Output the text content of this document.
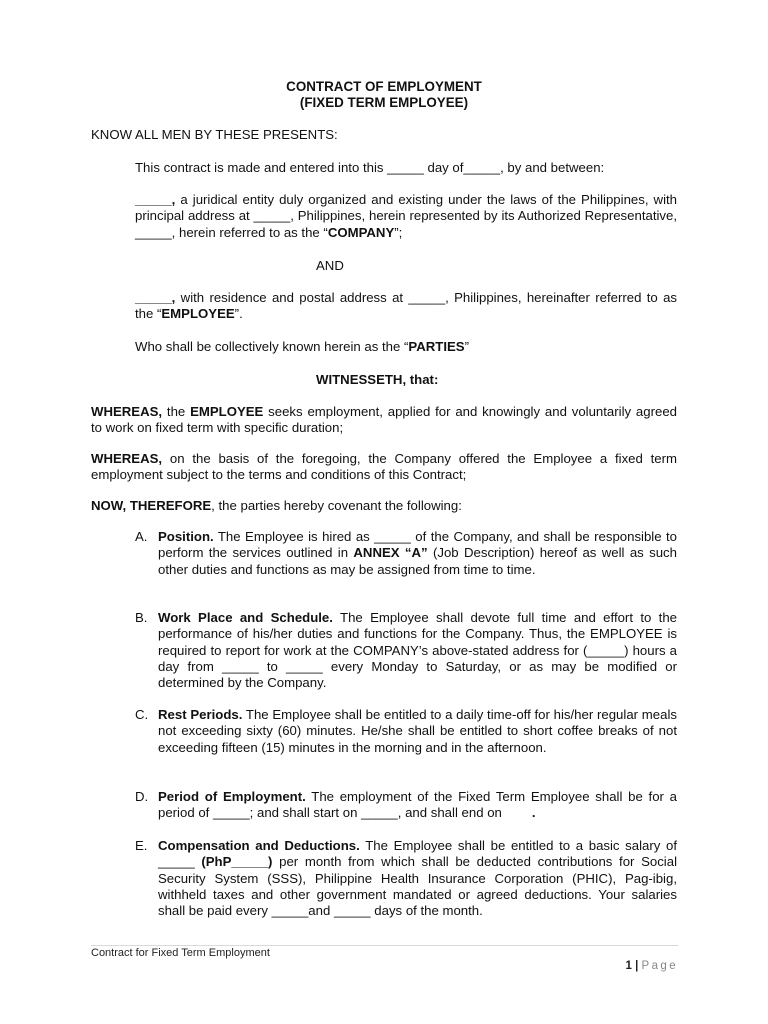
CONTRACT OF EMPLOYMENT
(FIXED TERM EMPLOYEE)
KNOW ALL MEN BY THESE PRESENTS:
This contract is made and entered into this _____ day of_____, by and between:
_____, a juridical entity duly organized and existing under the laws of the Philippines, with principal address at _____, Philippines, herein represented by its Authorized Representative, _____, herein referred to as the “COMPANY”;
AND
_____, with residence and postal address at _____, Philippines, hereinafter referred to as the “EMPLOYEE”.
Who shall be collectively known herein as the “PARTIES”
WITNESSETH, that:
WHEREAS, the EMPLOYEE seeks employment, applied for and knowingly and voluntarily agreed to work on fixed term with specific duration;
WHEREAS, on the basis of the foregoing, the Company offered the Employee a fixed term employment subject to the terms and conditions of this Contract;
NOW, THEREFORE, the parties hereby covenant the following:
A. Position. The Employee is hired as _____ of the Company, and shall be responsible to perform the services outlined in ANNEX “A” (Job Description) hereof as well as such other duties and functions as may be assigned from time to time.
B. Work Place and Schedule. The Employee shall devote full time and effort to the performance of his/her duties and functions for the Company. Thus, the EMPLOYEE is required to report for work at the COMPANY’s above-stated address for (_____) hours a day from _____ to _____ every Monday to Saturday, or as may be modified or determined by the Company.
C. Rest Periods. The Employee shall be entitled to a daily time-off for his/her regular meals not exceeding sixty (60) minutes. He/she shall be entitled to short coffee breaks of not exceeding fifteen (15) minutes in the morning and in the afternoon.
D. Period of Employment. The employment of the Fixed Term Employee shall be for a period of _____; and shall start on _____, and shall end on .
E. Compensation and Deductions. The Employee shall be entitled to a basic salary of _____ (PhP_____) per month from which shall be deducted contributions for Social Security System (SSS), Philippine Health Insurance Corporation (PHIC), Pag-ibig, withheld taxes and other government mandated or agreed deductions. Your salaries shall be paid every _____and _____ days of the month.
Contract for Fixed Term Employment
1 | Page
